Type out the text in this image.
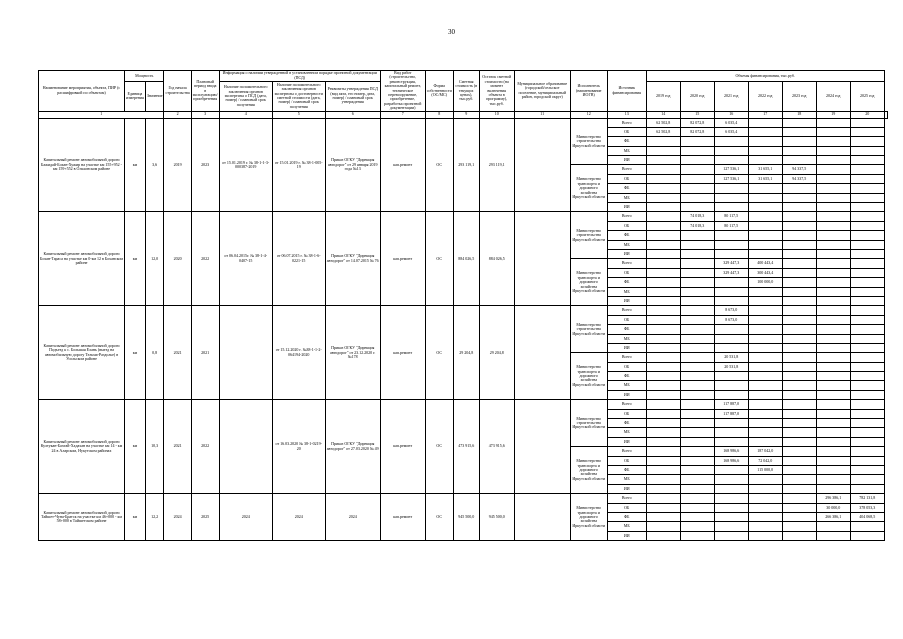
30
Наименование мероприятия, объекта, ПИР (с расшифровкой по объектам)	Мощность		Год начала строительства	Плановый период ввода в эксплуатацию/ приобретения	Информация о наличии утвержденной в установленном порядке проектной документации (ПСД)			Вид работ (строительство, реконструкция, капитальный ремонт, техническое перевооружение, приобретение, разработка проектной документации)	Форма собственности (ОС/МС)	Сметная стоимость (в текущих ценах), тыс.руб.	Остаток сметной стоимости (на момент включения объекта в программу), тыс.руб.	Муниципальное образование (городской/сельское поселение, муниципальный район, городской округ)	Исполнитель (наименование ИОГВ)	Источник финансирования	Объемы финансирования, тыс.руб.							
	Единица измерения	Значение			Наличие положительного заключения органов экспертизы о ПСД (дата, номер) / плановый срок получения	Наличие положительного заключения органов экспертизы о достоверности сметной стоимости (дата, номер) / плановый срок получения	Реквизиты утверждения ПСД (вид акта, его номер, дата, номер) / плановый срок утверждения								2019 год	2020 год	2021 год	2022 год	2023 год	2024 год	2025 год	
1			2	3	4	5	6	7	8	9	10	11	12	13	14	15	16	17	18	19	20	
Капитальный ремонт автомобильной дороги Бажидай-Бохан-Хужир на участке км 155+952 - км 159+552 в Ольхонском районе	км	3,6	2019	2023	от 15.01.2019 г. № 38-1-1-3-000387-2019	от 15.01.2019 г. № 38-1-005-19	Приказ ОГКУ "Дирекция автодорог" от 29 января 2019 года №13	кап.ремонт	ОС	293 119,1	293 119,1		Министерство строительства Иркутской области	Всего	62 502,8	82 072,8	6 035,4					
														ОБ	62 502,8	82 072,8	6 035,4					
														ФБ								
														МБ								
														ИИ								
													Министерство транспорта и дорожного хозяйства Иркутской области	Всего			127 536,1	31 655,1	94 337,5			
														ОБ			127 536,1	31 655,1	94 337,5			
														ФБ								
														МБ								
														ИИ								
Капитальный ремонт автомобильной дороги Бохан-Тараса на участке км 0-км 12 в Боханском районе	км	12,0	2020	2022	от 06.04.2015г. № 38-1-4-0407-15	от 06.07.2015 г. № 38-1-6-0221-15	Приказ ОГКУ "Дирекция автодорог" от 14.07.2015 № 76	кап.ремонт	ОС	884 026,5	884 026,5		Министерство строительства Иркутской области	Всего		74 018,3	80 117,5					
														ОБ		74 018,3	80 117,5					
														ФБ								
														МБ								
														ИИ								
													Министерство транспорта и дорожного хозяйства Иркутской области	Всего			329 447,3	400 443,4				
														ОБ			329 447,3	300 443,4				
														ФБ				100 000,0				
														МБ								
														ИИ								
Капитальный ремонт автомобильной дороги Подъезд к с. Большая Елань (выезд на автомобильную дорогу Тельма-Раздолье) в Усольском районе	км	0,8	2021	2021		от 15.12.2020 г. №38-1-1-2-064194-2020	Приказ ОГКУ "Дирекция автодорог" от 23.12.2020 г. №178	кап.ремонт	ОС	29 204,8	29 204,8		Министерство строительства Иркутской области	Всего			8 673,0					
														ОБ			8 673,0					
														ФБ								
														МБ								
														ИИ								
													Министерство транспорта и дорожного хозяйства Иркутской области	Всего			20 531,8					
														ОБ			20 531,8					
														ФБ								
														МБ								
														ИИ								
Капитальный ремонт автомобильной дороги Култукан-Бахтай-Хадахан на участке км 14 - км 24 в Аларском, Нукутском районах	км	10,3	2021	2022		от 16.03.2020 № 38-1-0219-20	Приказ ОГКУ "Дирекция автодорог" от 27.03.2020 № 49	кап.ремонт	ОС	473 915,6	473 915,6		Министерство строительства Иркутской области	Всего			117 887,0					
														ОБ			117 887,0					
														ФБ								
														МБ								
														ИИ								
													Министерство транспорта и дорожного хозяйства Иркутской области	Всего			168 986,6	187 042,0				
														ОБ			168 986,6	72 042,0				
														ФБ				115 000,0				
														МБ								
														ИИ								
Капитальный ремонт автомобильной дороги Тайшет-Чуна-Братск на участке км 46+000 - км 58+000 в Тайшетском районе	км	12,2	2024	2025	2024	2024	2024	кап.ремонт	ОС	945 500,0	945 500,0		Министерство транспорта и дорожного хозяйства Иркутской области	Всего						296 386,1	782 131,8	
														ОБ						30 000,0	378 053,3	
														ФБ						266 386,1	404 068,5	
														МБ								
														ИИ								
